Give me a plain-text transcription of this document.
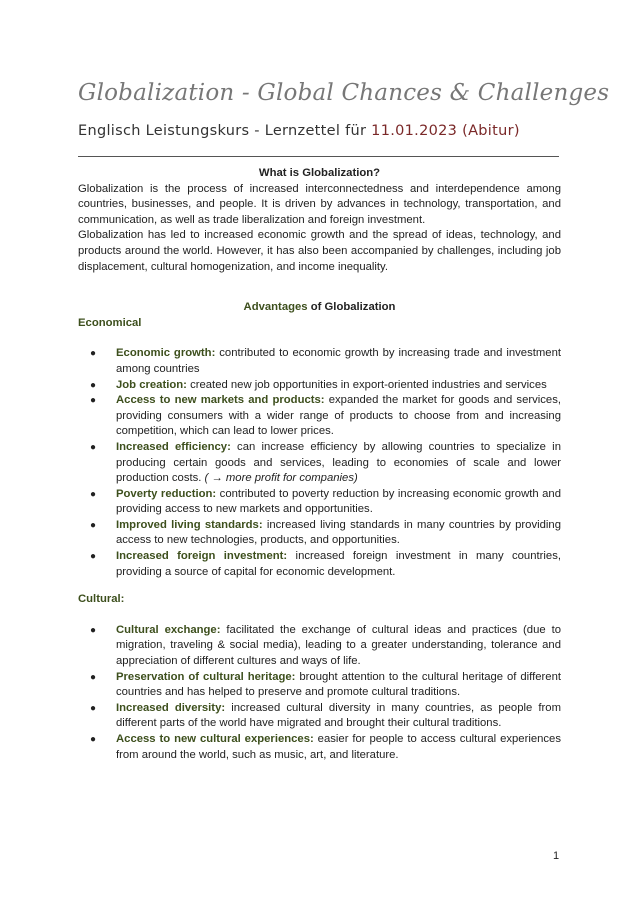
Globalization - Global Chances & Challenges
Englisch Leistungskurs - Lernzettel für 11.01.2023 (Abitur)

What is Globalization?

Globalization is the process of increased interconnectedness and interdependence among countries, businesses, and people. It is driven by advances in technology, transportation, and communication, as well as trade liberalization and foreign investment.

Globalization has led to increased economic growth and the spread of ideas, technology, and products around the world. However, it has also been accompanied by challenges, including job displacement, cultural homogenization, and income inequality.

Advantages of Globalization

Economical

● Economic growth: contributed to economic growth by increasing trade and investment among countries
● Job creation: created new job opportunities in export-oriented industries and services
● Access to new markets and products: expanded the market for goods and services, providing consumers with a wider range of products to choose from and increasing competition, which can lead to lower prices.
● Increased efficiency: can increase efficiency by allowing countries to specialize in producing certain goods and services, leading to economies of scale and lower production costs. ( → more profit for companies)
● Poverty reduction: contributed to poverty reduction by increasing economic growth and providing access to new markets and opportunities.
● Improved living standards: increased living standards in many countries by providing access to new technologies, products, and opportunities.
● Increased foreign investment: increased foreign investment in many countries, providing a source of capital for economic development.

Cultural:

● Cultural exchange: facilitated the exchange of cultural ideas and practices (due to migration, traveling & social media), leading to a greater understanding, tolerance and appreciation of different cultures and ways of life.
● Preservation of cultural heritage: brought attention to the cultural heritage of different countries and has helped to preserve and promote cultural traditions.
● Increased diversity: increased cultural diversity in many countries, as people from different parts of the world have migrated and brought their cultural traditions.
● Access to new cultural experiences: easier for people to access cultural experiences from around the world, such as music, art, and literature.
1
